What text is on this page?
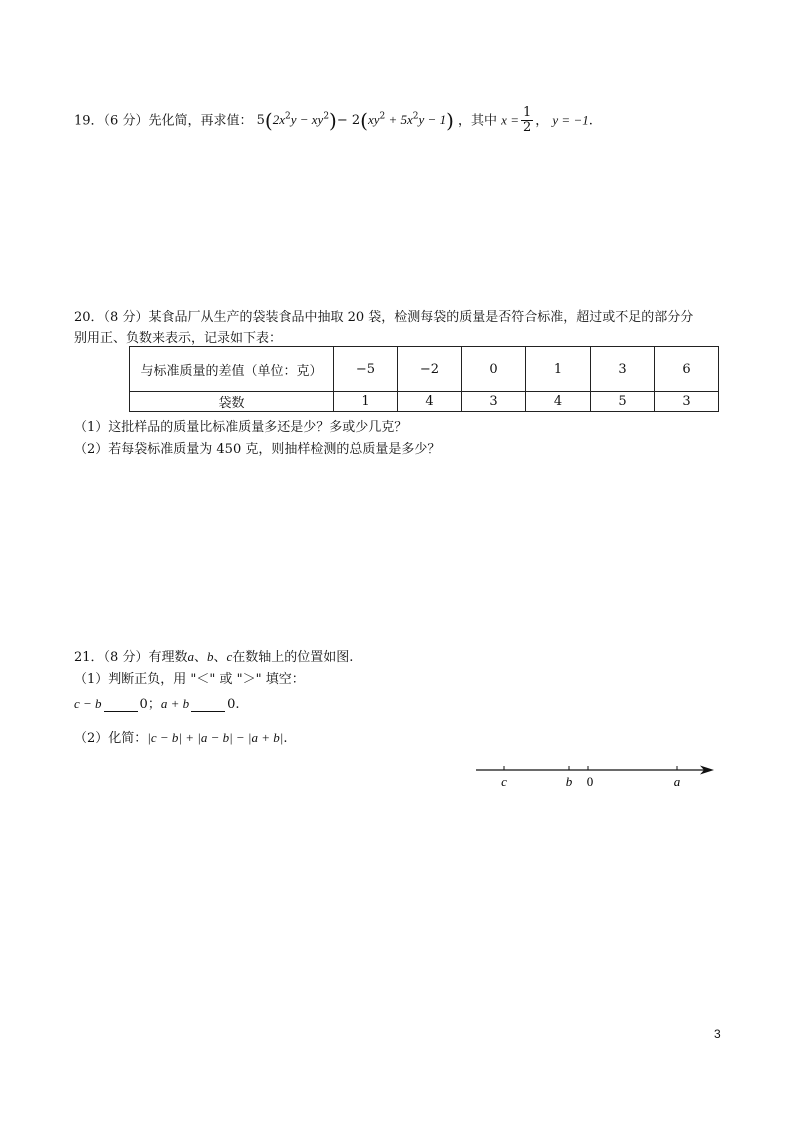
19．（6 分）先化简，再求值： $5(2x^2y - xy^2)- 2(xy^2 + 5x^2y - 1)$ ，其中 $x = \frac{1}{2}$ ， y = −1.
20．（8 分）某食品厂从生产的袋装食品中抽取 20 袋，检测每袋的质量是否符合标准，超过或不足的部分分
别用正、负数来表示，记录如下表：
与标准质量的差值（单位：克）	−5	−2	0	1	3	6
袋数	1	4	3	4	5	3
（1）这批样品的质量比标准质量多还是少？多或少几克？
（2）若每袋标准质量为 450 克，则抽样检测的总质量是多少？
21．（8 分）有理数a、b、c在数轴上的位置如图.
（1）判断正负，用 "＜" 或 "＞" 填空：
c − b	0；a + b	0.
（2）化简：|c − b| + |a − b| − |a + b|.
c	b 0	a
3
